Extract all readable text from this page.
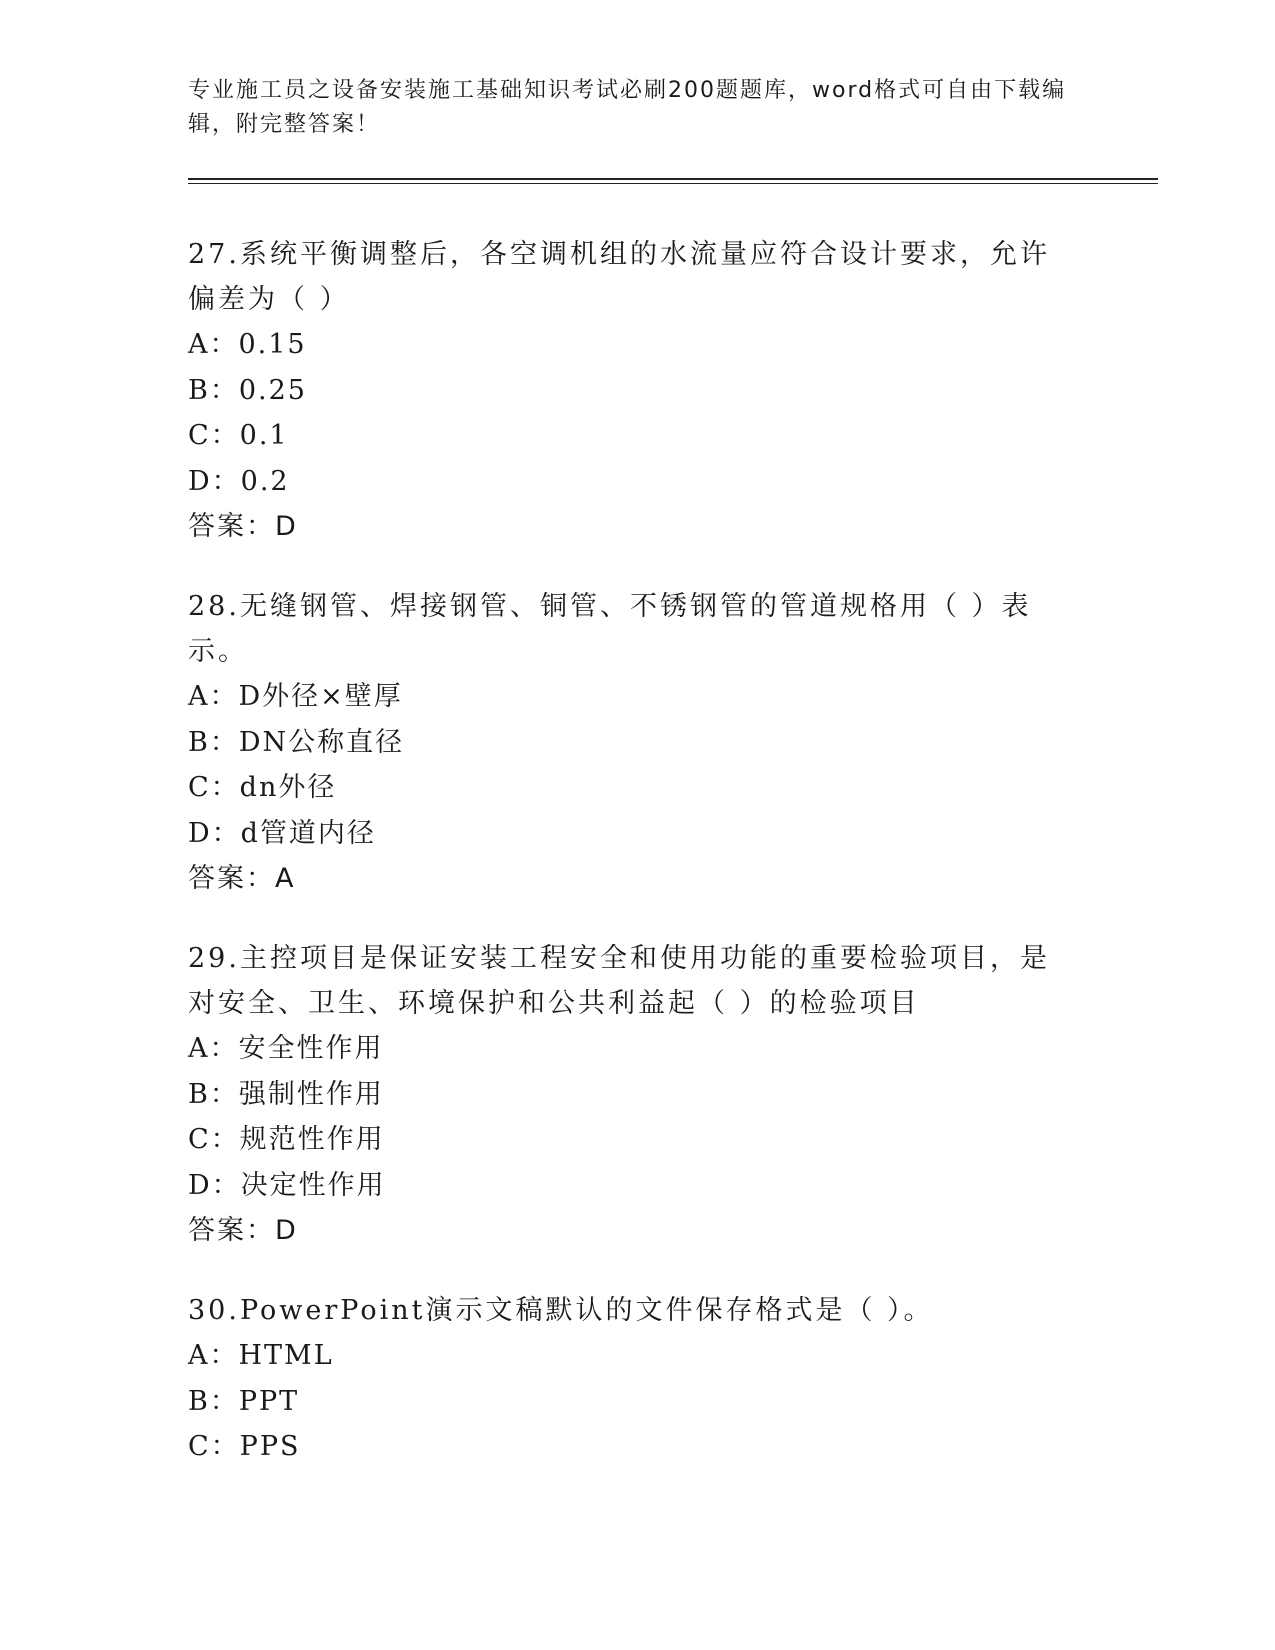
专业施工员之设备安装施工基础知识考试必刷200题题库，word格式可自由下载编辑，附完整答案！
27.系统平衡调整后，各空调机组的水流量应符合设计要求，允许偏差为（ ）
A：0.15
B：0.25
C：0.1
D：0.2
答案：D
28.无缝钢管、焊接钢管、铜管、不锈钢管的管道规格用（ ）表示。
A：D外径×壁厚
B：DN公称直径
C：dn外径
D：d管道内径
答案：A
29.主控项目是保证安装工程安全和使用功能的重要检验项目，是对安全、卫生、环境保护和公共利益起（ ）的检验项目
A：安全性作用
B：强制性作用
C：规范性作用
D：决定性作用
答案：D
30.PowerPoint演示文稿默认的文件保存格式是（ ）。
A：HTML
B：PPT
C：PPS
